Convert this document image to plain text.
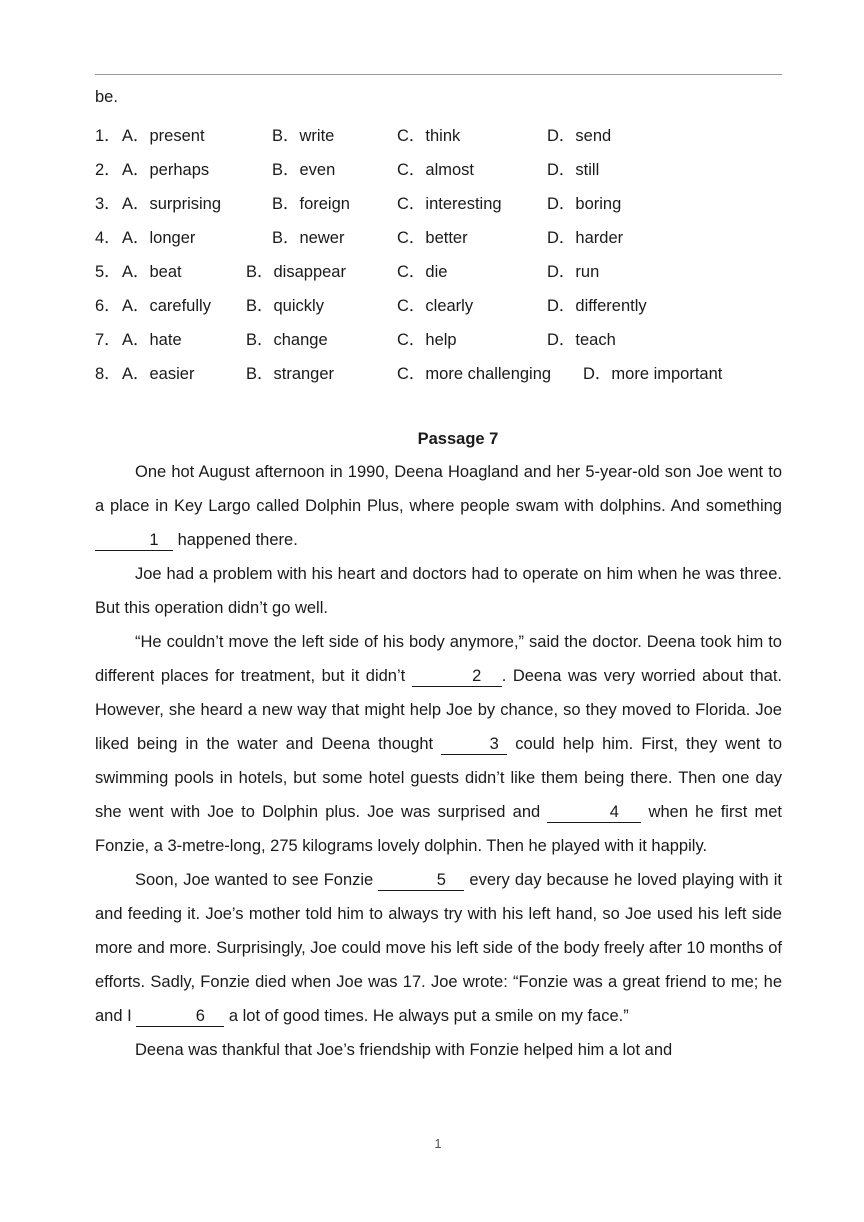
be.
1． A．present	B．write	C．think	D．send
2． A．perhaps	B．even	C．almost	D．still
3． A．surprising	B．foreign	C．interesting	D．boring
4． A．longer	B．newer	C．better	D．harder
5． A．beat	B．disappear	C．die	D．run
6． A．carefully B．quickly	C．clearly	D．differently
7． A．hate	B．change	C．help	D．teach
8． A．easier	B．stranger	C．more challenging D．more important
Passage 7

One hot August afternoon in 1990, Deena Hoagland and her 5-year-old son Joe went to a place in Key Largo called Dolphin Plus, where people swam with dolphins. And something 1 happened there.

Joe had a problem with his heart and doctors had to operate on him when he was three. But this operation didn’t go well.

“He couldn’t move the left side of his body anymore,” said the doctor. Deena took him to different places for treatment, but it didn’t	2 . Deena was very worried about that. However, she heard a new way that might help Joe by chance, so they moved to Florida. Joe liked being in the water and Deena thought	3 could help him. First, they went to swimming pools in hotels, but some hotel guests didn’t like them being there. Then one day she went with Joe to Dolphin plus. Joe was surprised and	4 when he first met Fonzie, a 3-metre-long, 275 kilograms lovely dolphin. Then he played with it happily.

Soon, Joe wanted to see Fonzie	5 every day because he loved playing with it and feeding it. Joe’s mother told him to always try with his left hand, so Joe used his left side more and more. Surprisingly, Joe could move his left side of the body freely after 10 months of efforts. Sadly, Fonzie died when Joe was 17. Joe wrote: “Fonzie was a great friend to me; he and I	6 a lot of good times. He always put a smile on my face.”

Deena was thankful that Joe’s friendship with Fonzie helped him a lot and

1
